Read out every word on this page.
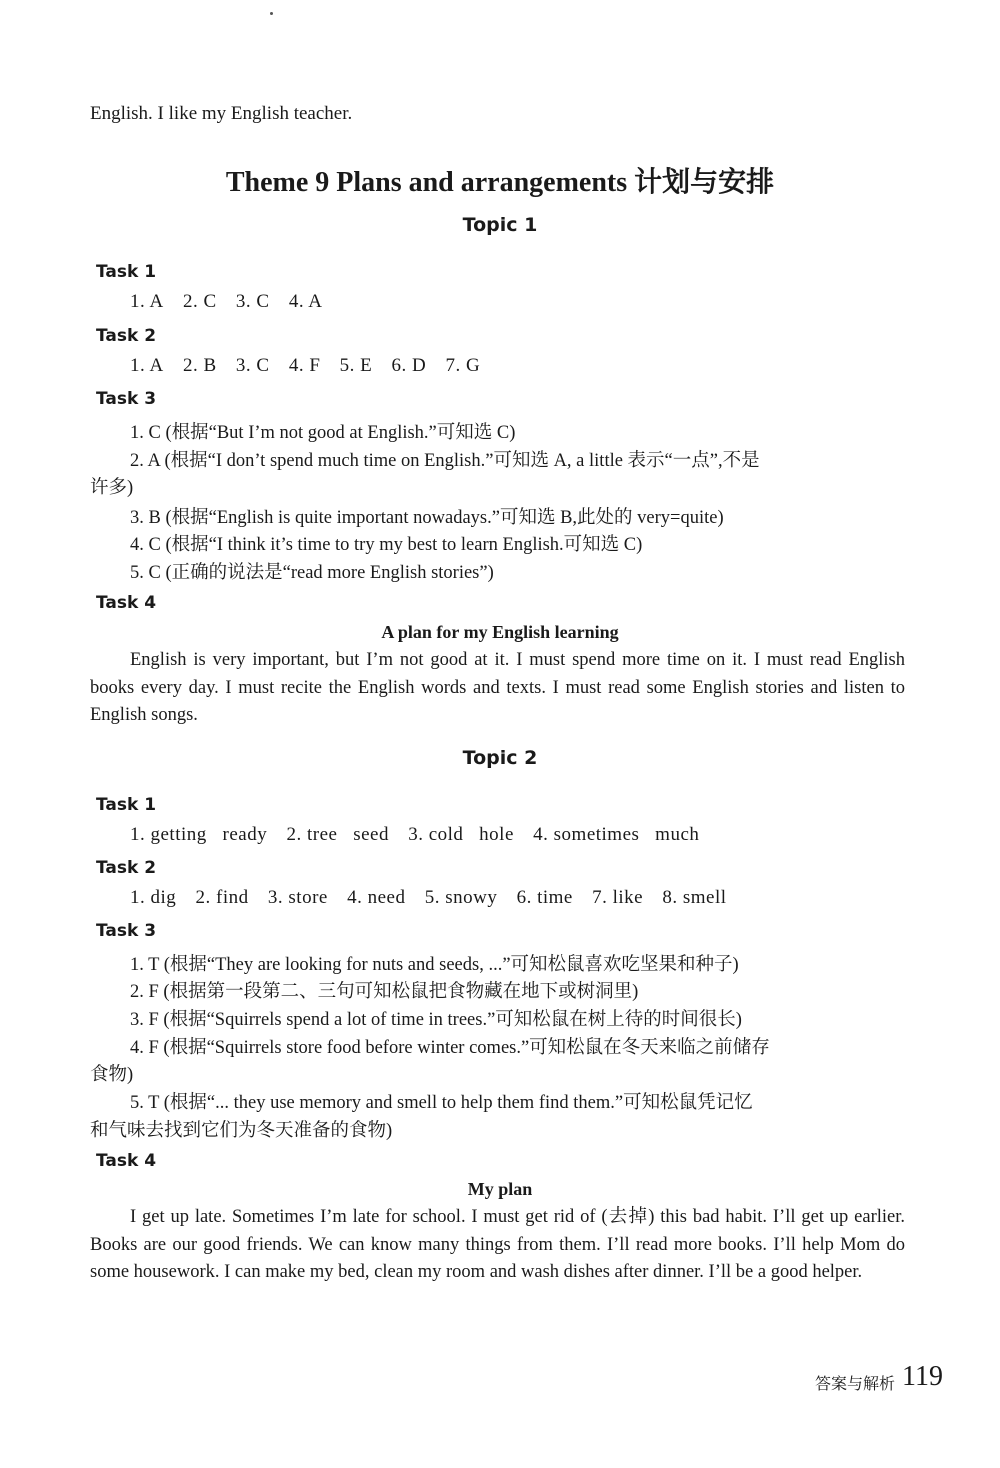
English. I like my English teacher.
Theme 9 Plans and arrangements 计划与安排
Topic 1
Task 1
1. A 2. C 3. C 4. A
Task 2
1. A 2. B 3. C 4. F 5. E 6. D 7. G
Task 3
1. C (根据“But I’m not good at English.”可知选 C)
2. A (根据“I don’t spend much time on English.”可知选 A, a little 表示“一点”,不是
许多)
3. B (根据“English is quite important nowadays.”可知选 B,此处的 very=quite)
4. C (根据“I think it’s time to try my best to learn English.可知选 C)
5. C (正确的说法是“read more English stories”)
Task 4
A plan for my English learning

English is very important, but I’m not good at it. I must spend more time on it. I must read English books every day. I must recite the English words and texts. I must read some English stories and listen to English songs.

Topic 2
Task 1
1. getting   ready 2. tree   seed 3. cold   hole 4. sometimes   much
Task 2
1. dig 2. find 3. store 4. need 5. snowy 6. time 7. like 8. smell
Task 3
1. T (根据“They are looking for nuts and seeds, ...”可知松鼠喜欢吃坚果和种子)
2. F (根据第一段第二、三句可知松鼠把食物藏在地下或树洞里)
3. F (根据“Squirrels spend a lot of time in trees.”可知松鼠在树上待的时间很长)
4. F (根据“Squirrels store food before winter comes.”可知松鼠在冬天来临之前储存
食物)
5. T (根据“... they use memory and smell to help them find them.”可知松鼠凭记忆
和气味去找到它们为冬天准备的食物)
Task 4
My plan

I get up late. Sometimes I’m late for school. I must get rid of (去掉) this bad habit. I’ll get up earlier. Books are our good friends. We can know many things from them. I’ll read more books. I’ll help Mom do some housework. I can make my bed, clean my room and wash dishes after dinner. I’ll be a good helper.

答案与解析 119
